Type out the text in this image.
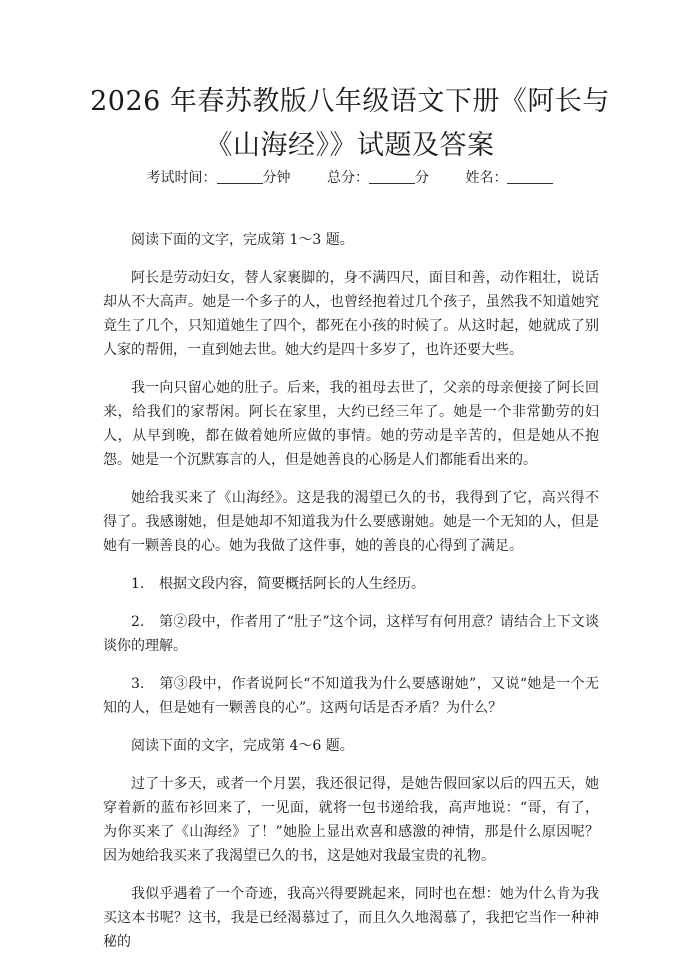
2026 年春苏教版八年级语文下册《阿长与
《山海经》》试题及答案
考试时间：	分钟	总分：	分	姓名：

阅读下面的文字，完成第 1～3 题。

阿长是劳动妇女，替人家裹脚的，身不满四尺，面目和善，动作粗壮，说话却从不大高声。她是一个多子的人，也曾经抱着过几个孩子，虽然我不知道她究竟生了几个，只知道她生了四个，都死在小孩的时候了。从这时起，她就成了别人家的帮佣，一直到她去世。她大约是四十多岁了，也许还要大些。

我一向只留心她的肚子。后来，我的祖母去世了，父亲的母亲便接了阿长回来，给我们的家帮闲。阿长在家里，大约已经三年了。她是一个非常勤劳的妇人，从早到晚，都在做着她所应做的事情。她的劳动是辛苦的，但是她从不抱怨。她是一个沉默寡言的人，但是她善良的心肠是人们都能看出来的。

她给我买来了《山海经》。这是我的渴望已久的书，我得到了它，高兴得不得了。我感谢她，但是她却不知道我为什么要感谢她。她是一个无知的人，但是她有一颗善良的心。她为我做了这件事，她的善良的心得到了满足。

1. 根据文段内容，简要概括阿长的人生经历。

2. 第②段中，作者用了“肚子”这个词，这样写有何用意？请结合上下文谈谈你的理解。

3. 第③段中，作者说阿长“不知道我为什么要感谢她”，又说“她是一个无知的人，但是她有一颗善良的心”。这两句话是否矛盾？为什么？

阅读下面的文字，完成第 4～6 题。

过了十多天，或者一个月罢，我还很记得，是她告假回家以后的四五天，她穿着新的蓝布衫回来了，一见面，就将一包书递给我，高声地说：“哥，有了，为你买来了《山海经》了！”她脸上显出欢喜和感激的神情，那是什么原因呢？因为她给我买来了我渴望已久的书，这是她对我最宝贵的礼物。

我似乎遇着了一个奇迹，我高兴得要跳起来，同时也在想：她为什么肯为我买这本书呢？这书，我是已经渴慕过了，而且久久地渴慕了，我把它当作一种神秘的
